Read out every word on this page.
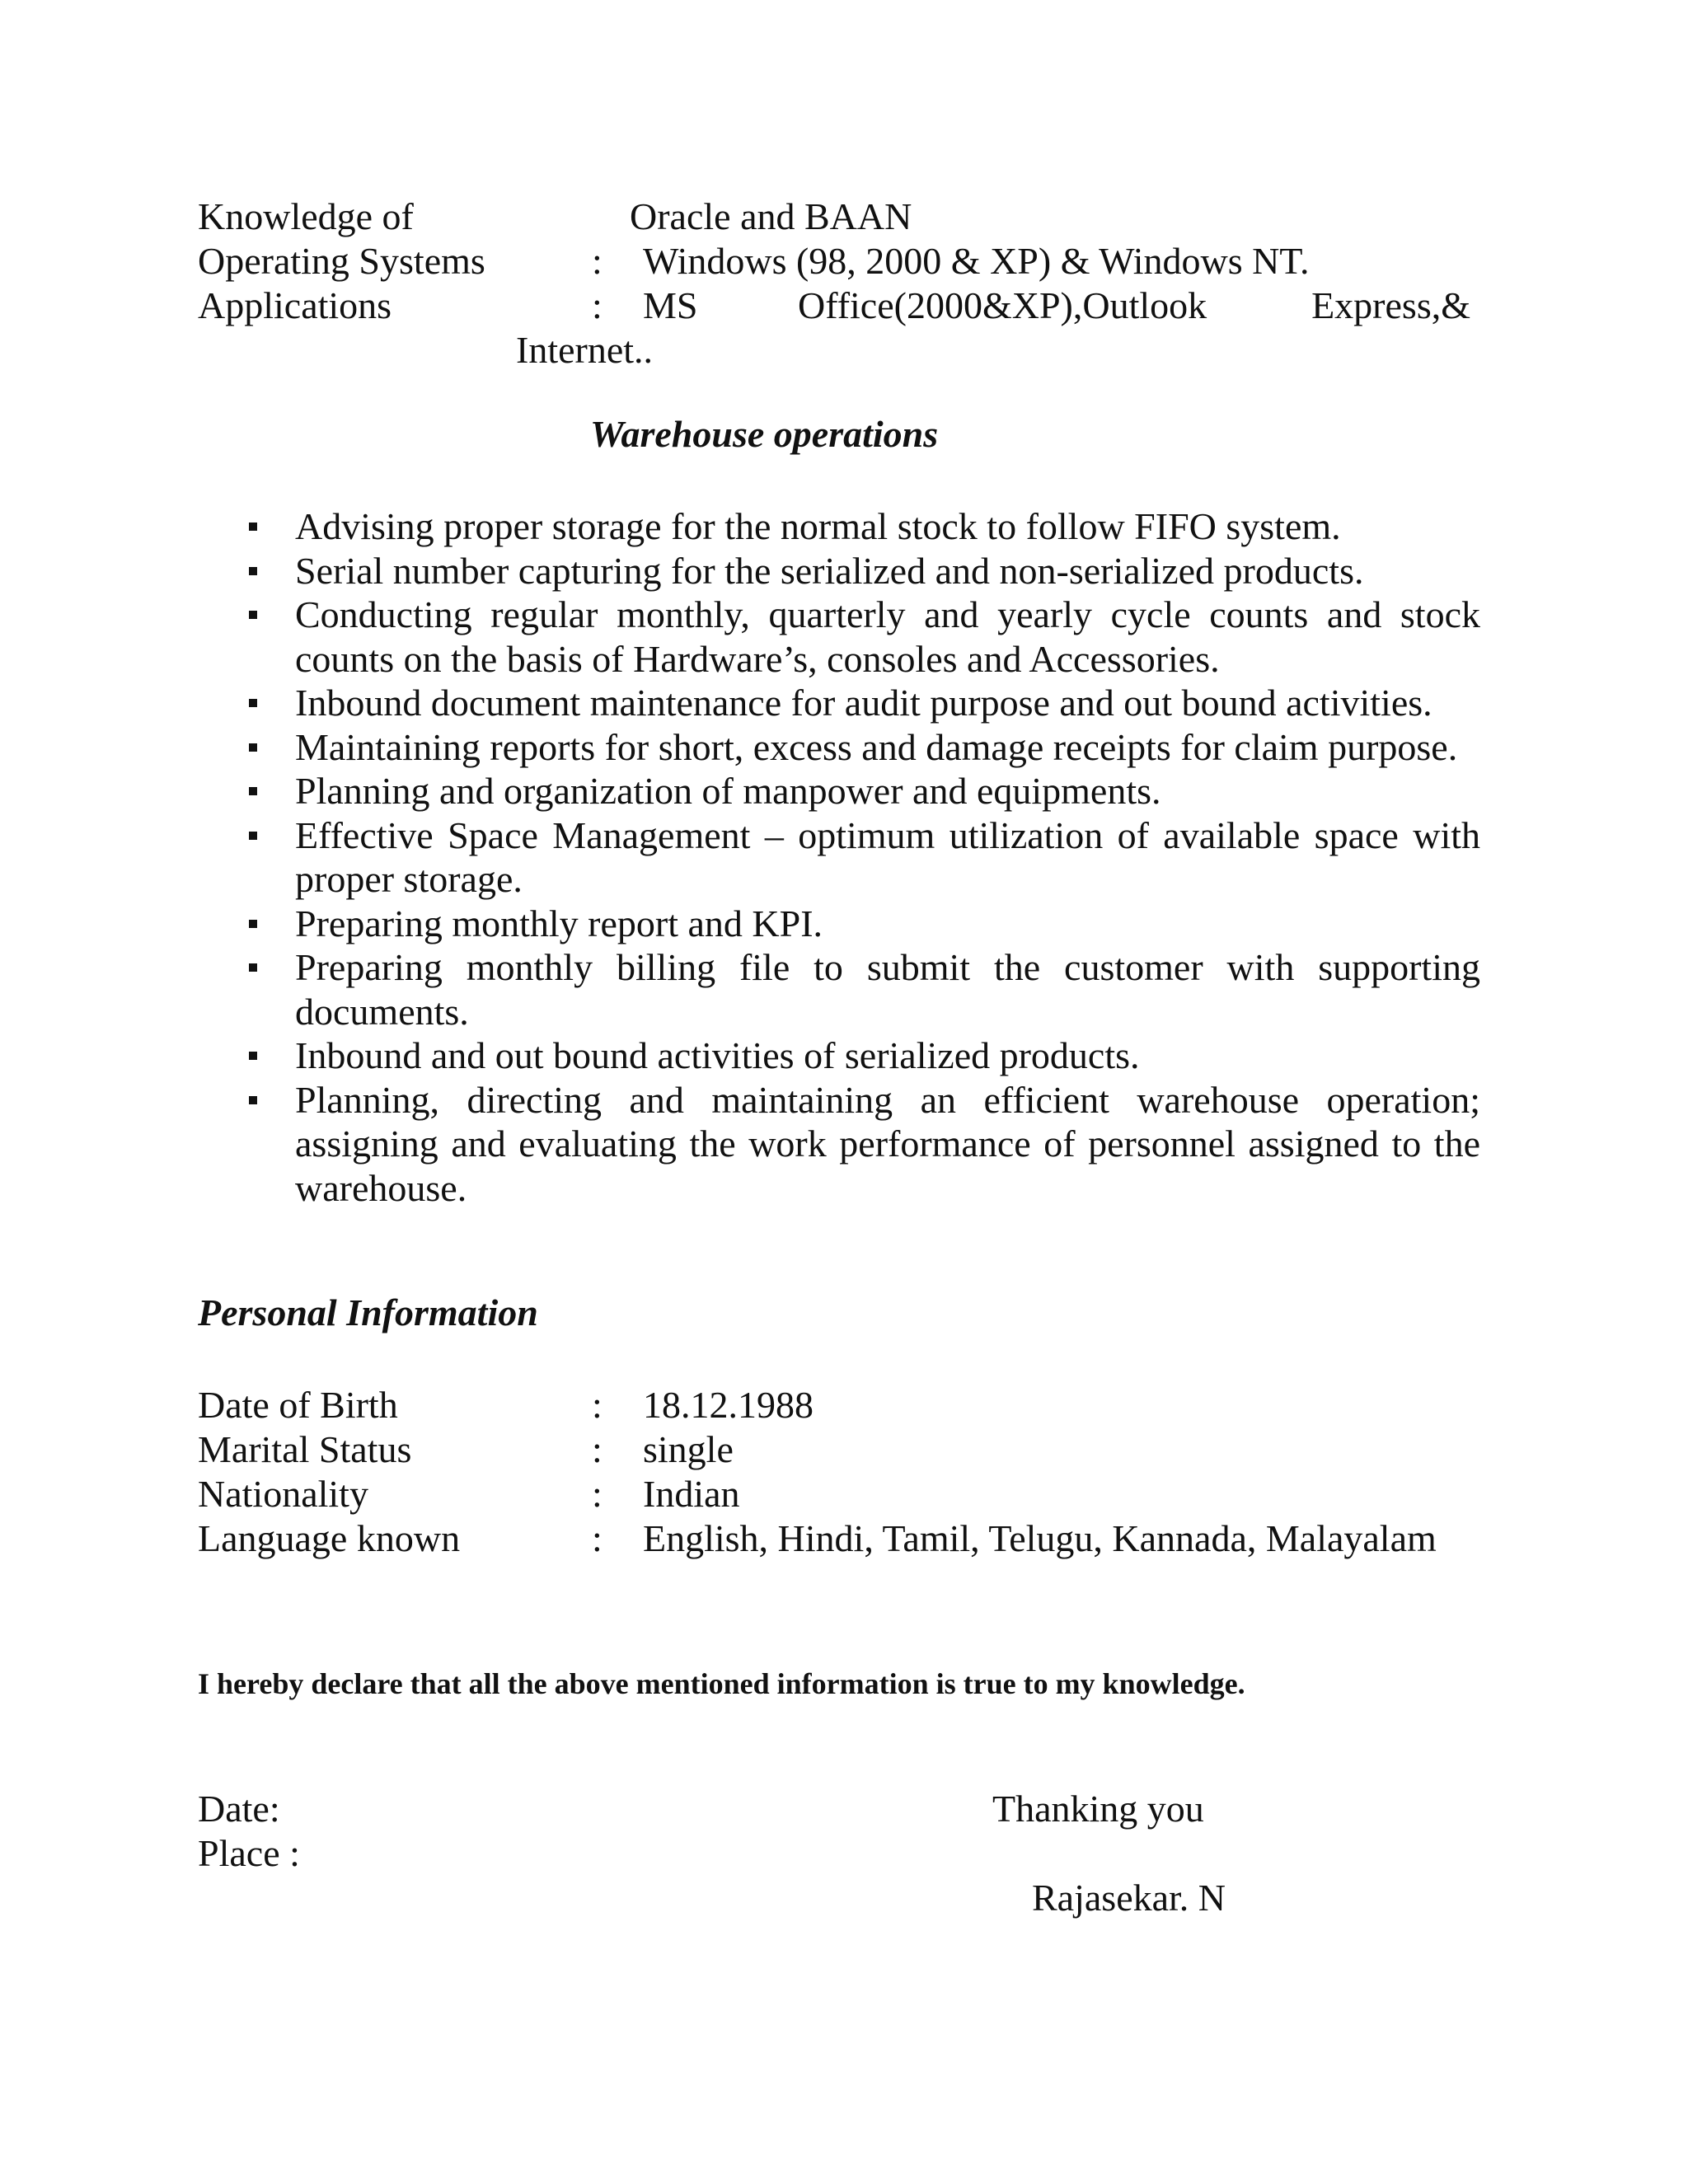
Knowledge of	Oracle and BAAN
Operating Systems	: Windows (98, 2000 & XP) & Windows NT.
Applications	: MS	Office(2000&XP),Outlook	Express,&
Internet..
Warehouse operations
Advising proper storage for the normal stock to follow FIFO system.
Serial number capturing for the serialized and non-serialized products.
Conducting regular monthly, quarterly and yearly cycle counts and stock counts on the basis of Hardware’s, consoles and Accessories.
Inbound document maintenance for audit purpose and out bound activities.
Maintaining reports for short, excess and damage receipts for claim purpose.
Planning and organization of manpower and equipments.
Effective Space Management – optimum utilization of available space with proper storage.
Preparing monthly report and KPI.
Preparing monthly billing file to submit the customer with supporting documents.
Inbound and out bound activities of serialized products.
Planning, directing and maintaining an efficient warehouse operation; assigning and evaluating the work performance of personnel assigned to the warehouse.
Personal Information
Date of Birth	: 18.12.1988
Marital Status	: single
Nationality	: Indian
Language known	: English, Hindi, Tamil, Telugu, Kannada, Malayalam
I hereby declare that all the above mentioned information is true to my knowledge.
Date:
Place :
Thanking you
Rajasekar. N
